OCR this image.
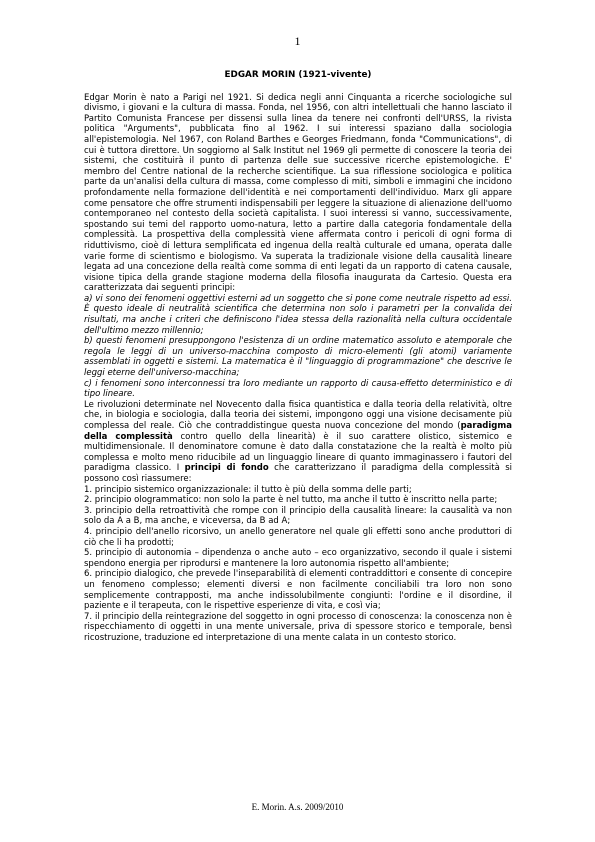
1

EDGAR MORIN (1921-vivente)

Edgar Morin è nato a Parigi nel 1921. Si dedica negli anni Cinquanta a ricerche sociologiche sul divismo, i giovani e la cultura di massa. Fonda, nel 1956, con altri intellettuali che hanno lasciato il Partito Comunista Francese per dissensi sulla linea da tenere nei confronti dell'URSS, la rivista politica "Arguments", pubblicata fino al 1962. I sui interessi spaziano dalla sociologia all'epistemologia. Nel 1967, con Roland Barthes e Georges Friedmann, fonda "Communications", di cui è tuttora direttore. Un soggiorno al Salk Institut nel 1969 gli permette di conoscere la teoria dei sistemi, che costituirà il punto di partenza delle sue successive ricerche epistemologiche. E' membro del Centre national de la recherche scientifique. La sua riflessione sociologica e politica parte da un'analisi della cultura di massa, come complesso di miti, simboli e immagini che incidono profondamente nella formazione dell'identità e nei comportamenti dell'individuo. Marx gli appare come pensatore che offre strumenti indispensabili per leggere la situazione di alienazione dell'uomo contemporaneo nel contesto della società capitalista. I suoi interessi si vanno, successivamente, spostando sui temi del rapporto uomo-natura, letto a partire dalla categoria fondamentale della complessità. La prospettiva della complessità viene affermata contro i pericoli di ogni forma di riduttivismo, cioè di lettura semplificata ed ingenua della realtà culturale ed umana, operata dalle varie forme di scientismo e biologismo. Va superata la tradizionale visione della causalità lineare legata ad una concezione della realtà come somma di enti legati da un rapporto di catena causale, visione tipica della grande stagione moderna della filosofia inaugurata da Cartesio. Questa era caratterizzata dai seguenti principi:

a) vi sono dei fenomeni oggettivi esterni ad un soggetto che si pone come neutrale rispetto ad essi. È questo ideale di neutralità scientifica che determina non solo i parametri per la convalida dei risultati, ma anche i criteri che definiscono l'idea stessa della razionalità nella cultura occidentale dell'ultimo mezzo millennio;

b) questi fenomeni presuppongono l'esistenza di un ordine matematico assoluto e atemporale che regola le leggi di un universo-macchina composto di micro-elementi (gli atomi) variamente assemblati in oggetti e sistemi. La matematica è il "linguaggio di programmazione" che descrive le leggi eterne dell'universo-macchina;

c) i fenomeni sono interconnessi tra loro mediante un rapporto di causa-effetto deterministico e di tipo lineare.

Le rivoluzioni determinate nel Novecento dalla fisica quantistica e dalla teoria della relatività, oltre che, in biologia e sociologia, dalla teoria dei sistemi, impongono oggi una visione decisamente più complessa del reale. Ciò che contraddistingue questa nuova concezione del mondo (paradigma della complessità contro quello della linearità) è il suo carattere olistico, sistemico e multidimensionale. Il denominatore comune è dato dalla constatazione che la realtà è molto più complessa e molto meno riducibile ad un linguaggio lineare di quanto immaginassero i fautori del paradigma classico. I principi di fondo che caratterizzano il paradigma della complessità si possono così riassumere:

1. principio sistemico organizzazionale: il tutto è più della somma delle parti;

2. principio ologrammatico: non solo la parte è nel tutto, ma anche il tutto è inscritto nella parte;

3. principio della retroattività che rompe con il principio della causalità lineare: la causalità va non solo da A a B, ma anche, e viceversa, da B ad A;

4. principio dell'anello ricorsivo, un anello generatore nel quale gli effetti sono anche produttori di ciò che li ha prodotti;

5. principio di autonomia – dipendenza o anche auto – eco organizzativo, secondo il quale i sistemi spendono energia per riprodursi e mantenere la loro autonomia rispetto all'ambiente;

6. principio dialogico, che prevede l'inseparabilità di elementi contraddittori e consente di concepire un fenomeno complesso; elementi diversi e non facilmente conciliabili tra loro non sono semplicemente contrapposti, ma anche indissolubilmente congiunti: l'ordine e il disordine, il paziente e il terapeuta, con le rispettive esperienze di vita, e così via;

7. il principio della reintegrazione del soggetto in ogni processo di conoscenza: la conoscenza non è rispecchiamento di oggetti in una mente universale, priva di spessore storico e temporale, bensì ricostruzione, traduzione ed interpretazione di una mente calata in un contesto storico.

E. Morin. A.s. 2009/2010
